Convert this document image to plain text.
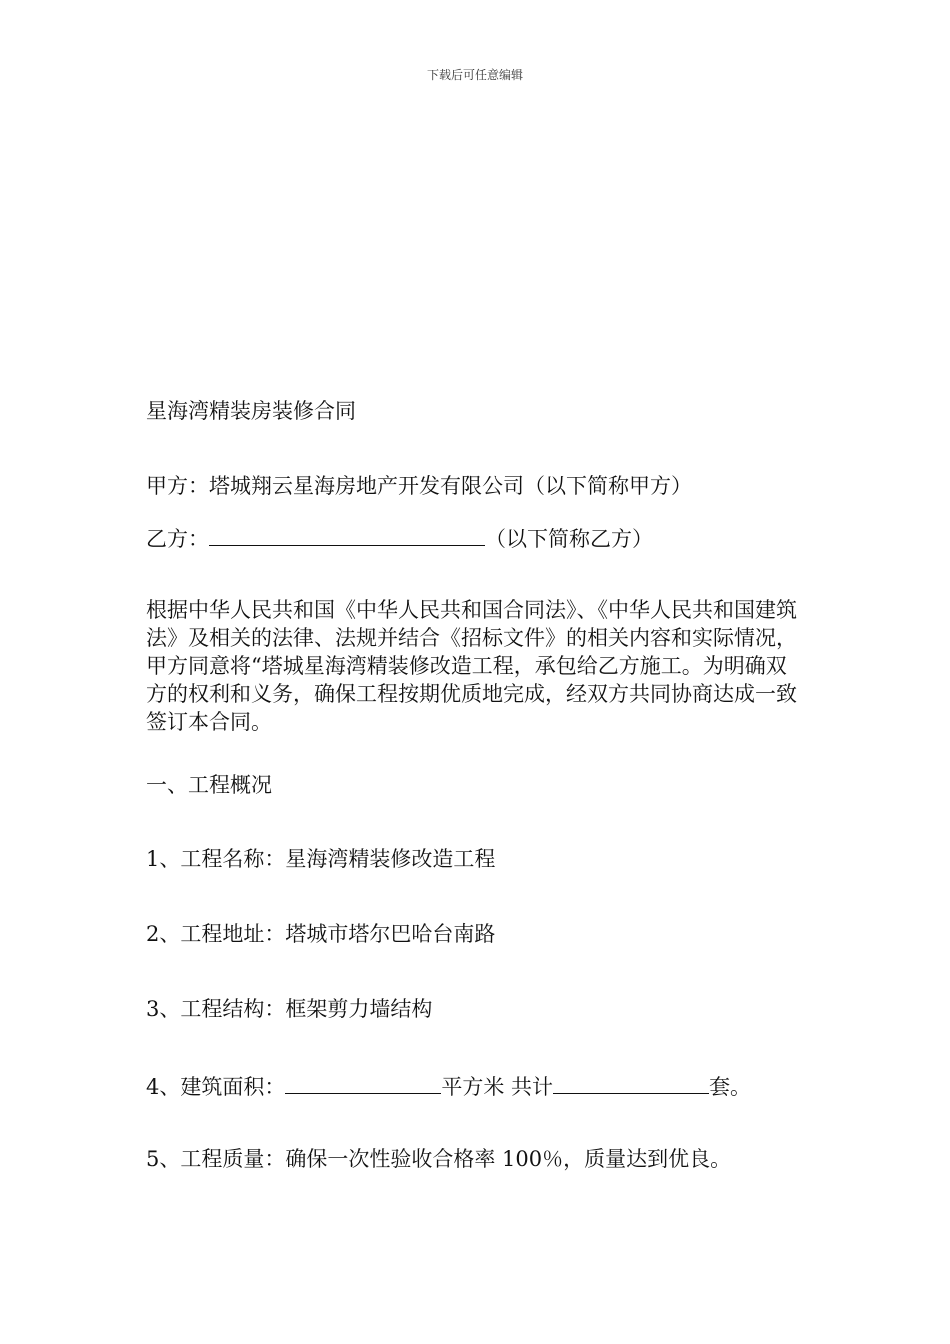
下载后可任意编辑
星海湾精装房装修合同
甲方：塔城翔云星海房地产开发有限公司（以下简称甲方）
乙方：	（以下简称乙方）
根据中华人民共和国《中华人民共和国合同法》、《中华人民共和国建筑法》及相关的法律、法规并结合《招标文件》的相关内容和实际情况，甲方同意将“塔城星海湾精装修改造工程，承包给乙方施工。为明确双方的权利和义务，确保工程按期优质地完成，经双方共同协商达成一致签订本合同。
一、工程概况
1、工程名称：星海湾精装修改造工程
2、工程地址：塔城市塔尔巴哈台南路
3、工程结构：框架剪力墙结构
4、建筑面积：	平方米 共计	套。
5、工程质量：确保一次性验收合格率 100％，质量达到优良。
